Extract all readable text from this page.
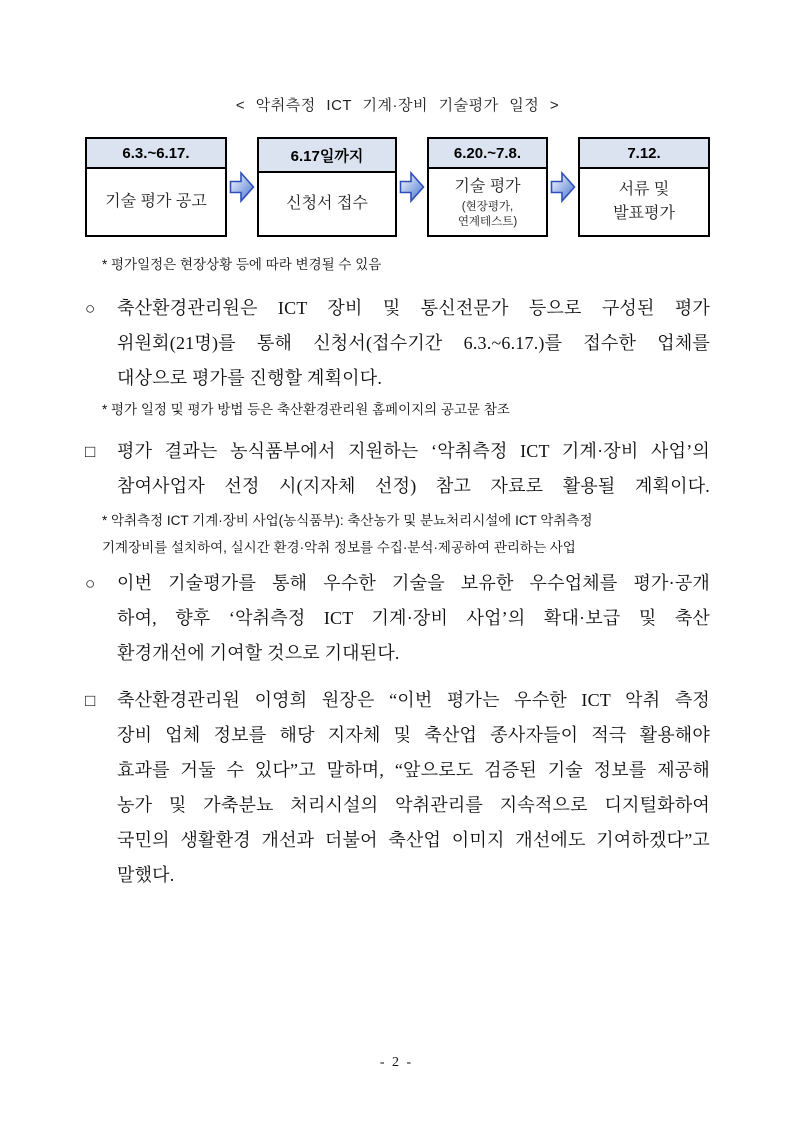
< 악취측정 ICT 기계·장비 기술평가 일정 >
6.3.~6.17.
기술 평가 공고
6.17일까지
신청서 접수
6.20.~7.8.
기술 평가
(현장평가,
연계테스트)
7.12.
서류 및
발표평가
* 평가일정은 현장상황 등에 따라 변경될 수 있음
○	축산환경관리원은 ICT 장비 및 통신전문가 등으로 구성된 평가
위원회(21명)를 통해 신청서(접수기간 6.3.~6.17.)를 접수한 업체를
대상으로 평가를 진행할 계획이다.
* 평가 일정 및 평가 방법 등은 축산환경관리원 홈페이지의 공고문 참조
□	평가 결과는 농식품부에서 지원하는 ‘악취측정 ICT 기계·장비 사업’의
참여사업자 선정 시(지자체 선정) 참고 자료로 활용될 계획이다.
* 악취측정 ICT 기계·장비 사업(농식품부): 축산농가 및 분뇨처리시설에 ICT 악취측정
기계장비를 설치하여, 실시간 환경·악취 정보를 수집·분석·제공하여 관리하는 사업
○	이번 기술평가를 통해 우수한 기술을 보유한 우수업체를 평가·공개
하여, 향후 ‘악취측정 ICT 기계·장비 사업’의 확대·보급 및 축산
환경개선에 기여할 것으로 기대된다.
□	축산환경관리원 이영희 원장은 “이번 평가는 우수한 ICT 악취 측정
장비 업체 정보를 해당 지자체 및 축산업 종사자들이 적극 활용해야
효과를 거둘 수 있다”고 말하며, “앞으로도 검증된 기술 정보를 제공해
농가 및 가축분뇨 처리시설의 악취관리를 지속적으로 디지털화하여
국민의 생활환경 개선과 더불어 축산업 이미지 개선에도 기여하겠다”고
말했다.
- 2 -
